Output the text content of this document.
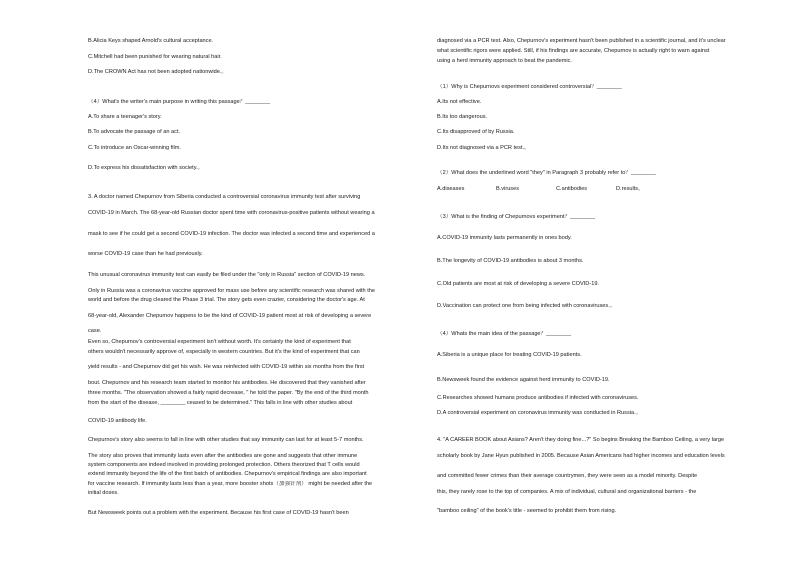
B.Alicia Keys shaped Arnold's cultural acceptance.
C.Mitchell had been punished for wearing natural hair.
D.The CROWN Act has not been adopted nationwide.。
（4）What's the writer's main purpose in writing this passage？________
A.To share a teenager's story.
B.To advocate the passage of an act.
C.To introduce an Oscar-winning film.
D.To express his dissatisfaction with society.。
3. A doctor named Chepurnov from Siberia conducted a controversial coronavirus immunity test after surviving
COVID-19 in March. The 68-year-old Russian doctor spent time with coronavirus-positive patients without wearing a
mask to see if he could get a second COVID-19 infection. The doctor was infected a second time and experienced a
worse COVID-19 case than he had previously.
This unusual coronavirus immunity test can easily be filed under the "only in Russia" section of COVID-19 news.
Only in Russia was a coronavirus vaccine approved for mass use before any scientific research was shared with the
world and before the drug cleared the Phase 3 trial. The story gets even crazier, considering the doctor's age. At
68-year-old, Alexander Chepurnov happens to be the kind of COVID-19 patient most at risk of developing a severe
case.
Even so, Chepurnov's controversial experiment isn't without worth. It's certainly the kind of experiment that
others wouldn't necessarily approve of, especially in western countries. But it's the kind of experiment that can
yield results - and Chepurnov did get his wish. He was reinfected with COVID-19 within six months from the first
bout. Chepurnov and his research team started to monitor his antibodies. He discovered that they vanished after
three months. "The observation showed a fairly rapid decrease, " he told the paper. "By the end of the third month
from the start of the disease, ________ ceased to be determined." This falls in line with other studies about
COVID-19 antibody life.
Chepurnov's story also seems to fall in line with other studies that say immunity can last for at least 5-7 months.
The story also proves that immunity lasts even after the antibodies are gone and suggests that other immune
system components are indeed involved in providing prolonged protection. Others theorized that T cells would
extend immunity beyond the life of the first batch of antibodies. Chepurnov's empirical findings are also important
for vaccine research. If immunity lasts less than a year, more booster shots（加强针剂） might be needed after the
initial doses.
But Newsweek points out a problem with the experiment. Because his first case of COVID-19 hasn't been
diagnosed via a PCR test. Also, Chepurnov's experiment hasn't been published in a scientific journal, and it's unclear
what scientific rigors were applied. Still, if his findings are accurate, Chepurnov is actually right to warn against
using a herd immunity approach to beat the pandemic.
（1）Why is Chepurnovs experiment considered controversial？________
A.Its not effective.
B.Its too dangerous.
C.Its disapproved of by Russia.
D.Its not diagnosed via a PCR test.。
（2）What does the underlined word "they" in Paragraph 3 probably refer to？________
A.diseases	B.viruses	C.antibodies	D.results。
（3）What is the finding of Chepurnovs experiment？________
A.COVID-19 immunity lasts permanently in ones body.
B.The longevity of COVID-19 antibodies is about 3 months.
C.Old patients are most at risk of developing a severe COVID-19.
D.Vaccination can protect one from being infected with coronaviruses.。
（4）Whats the main idea of the passage？________
A.Siberia is a unique place for treating COVID-19 patients.
B.Newsweek found the evidence against herd immunity to COVID-19.
C.Researches showed humans produce antibodies if infected with coronaviruses.
D.A controversial experiment on coronavirus immunity was conducted in Russia.。
4. "A CAREER BOOK about Asians? Aren't they doing fine...?" So begins Breaking the Bamboo Ceiling, a very large
scholarly book by Jane Hyun published in 2005. Because Asian Americans had higher incomes and education levels
and committed fewer crimes than their average countrymen, they were seen as a model minority. Despite
this, they rarely rose to the top of companies. A mix of individual, cultural and organizational barriers - the
"bamboo ceiling" of the book's title - seemed to prohibit them from rising.
